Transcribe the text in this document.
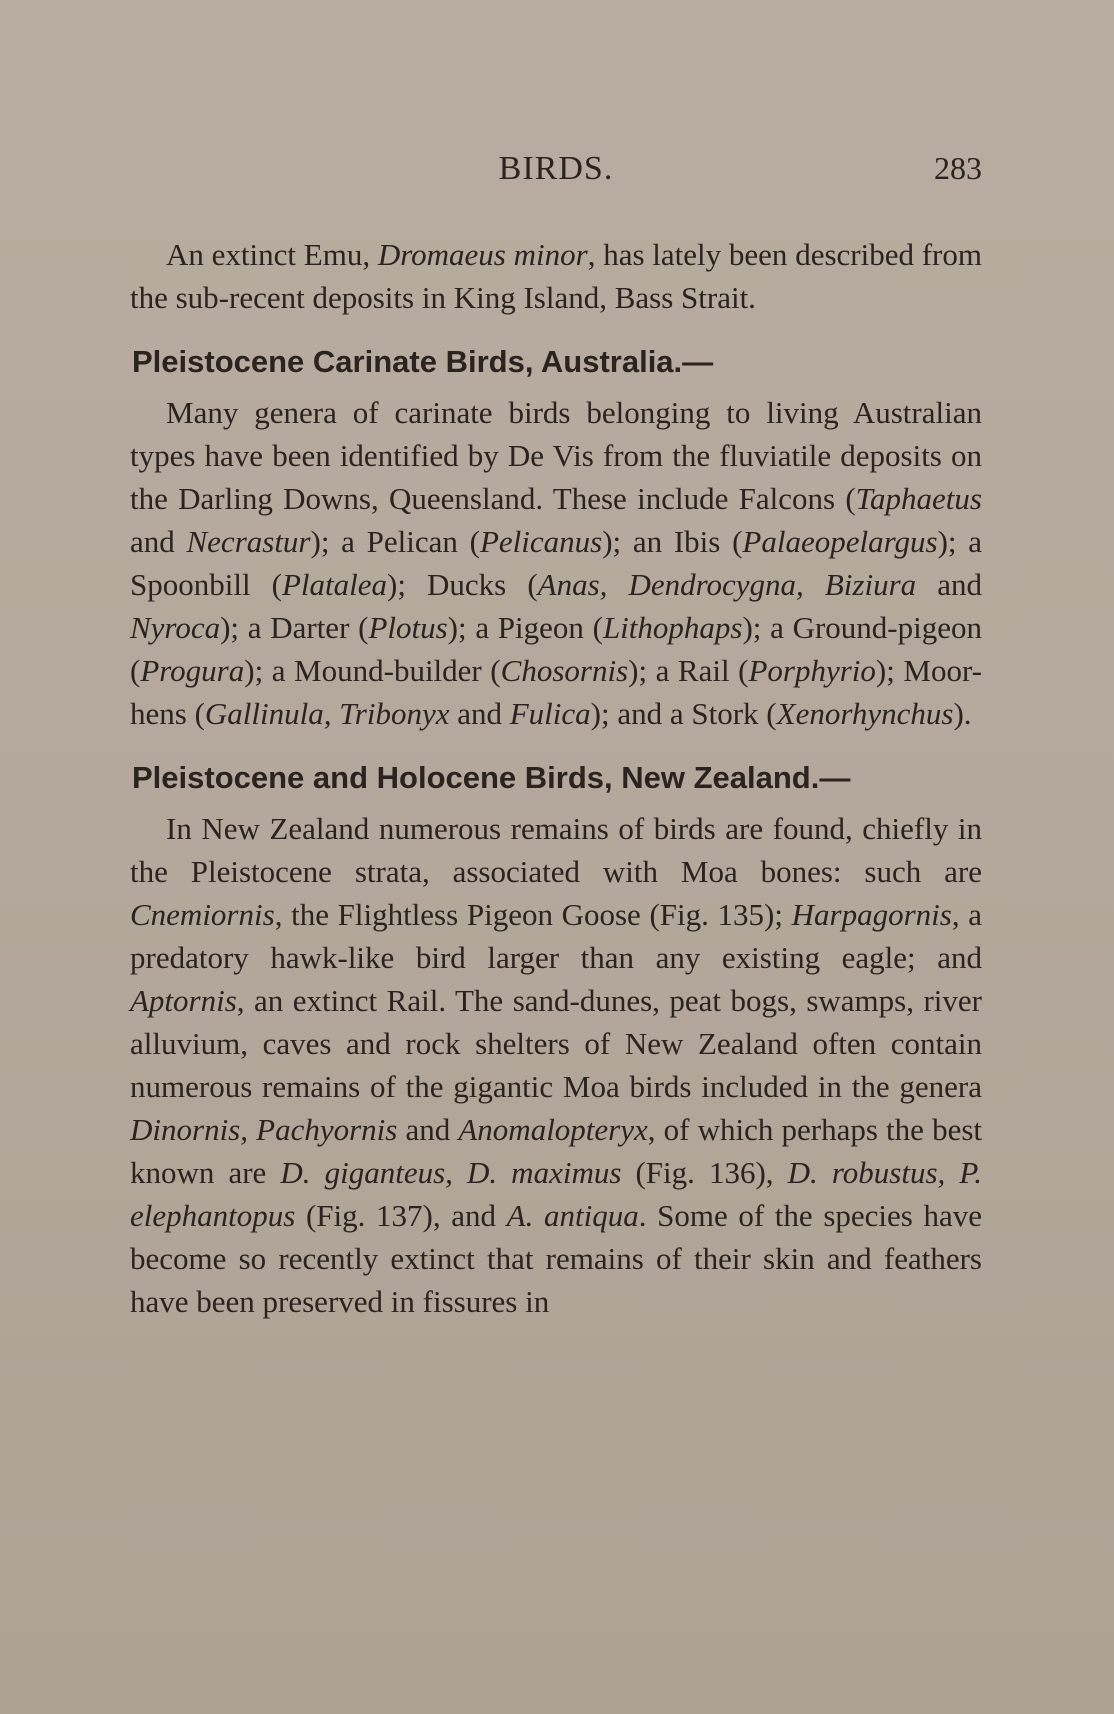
BIRDS.	283

An extinct Emu, Dromaeus minor, has lately been described from the sub-recent deposits in King Island, Bass Strait.

Pleistocene Carinate Birds, Australia.—

Many genera of carinate birds belonging to living Australian types have been identified by De Vis from the fluviatile deposits on the Darling Downs, Queensland. These include Falcons (Taphaetus and Necrastur); a Pelican (Pelicanus); an Ibis (Palaeopelargus); a Spoonbill (Platalea); Ducks (Anas, Dendrocygna, Biziura and Nyroca); a Darter (Plotus); a Pigeon (Lithophaps); a Ground-pigeon (Progura); a Mound-builder (Chosornis); a Rail (Porphyrio); Moor-hens (Gallinula, Tribonyx and Fulica); and a Stork (Xenorhynchus).

Pleistocene and Holocene Birds, New Zealand.—

In New Zealand numerous remains of birds are found, chiefly in the Pleistocene strata, associated with Moa bones: such are Cnemiornis, the Flightless Pigeon Goose (Fig. 135); Harpagornis, a predatory hawk-like bird larger than any existing eagle; and Aptornis, an extinct Rail. The sand-dunes, peat bogs, swamps, river alluvium, caves and rock shelters of New Zealand often contain numerous remains of the gigantic Moa birds included in the genera Dinornis, Pachyornis and Anomalopteryx, of which perhaps the best known are D. giganteus, D. maximus (Fig. 136), D. robustus, P. elephantopus (Fig. 137), and A. antiqua. Some of the species have become so recently extinct that remains of their skin and feathers have been preserved in fissures in
